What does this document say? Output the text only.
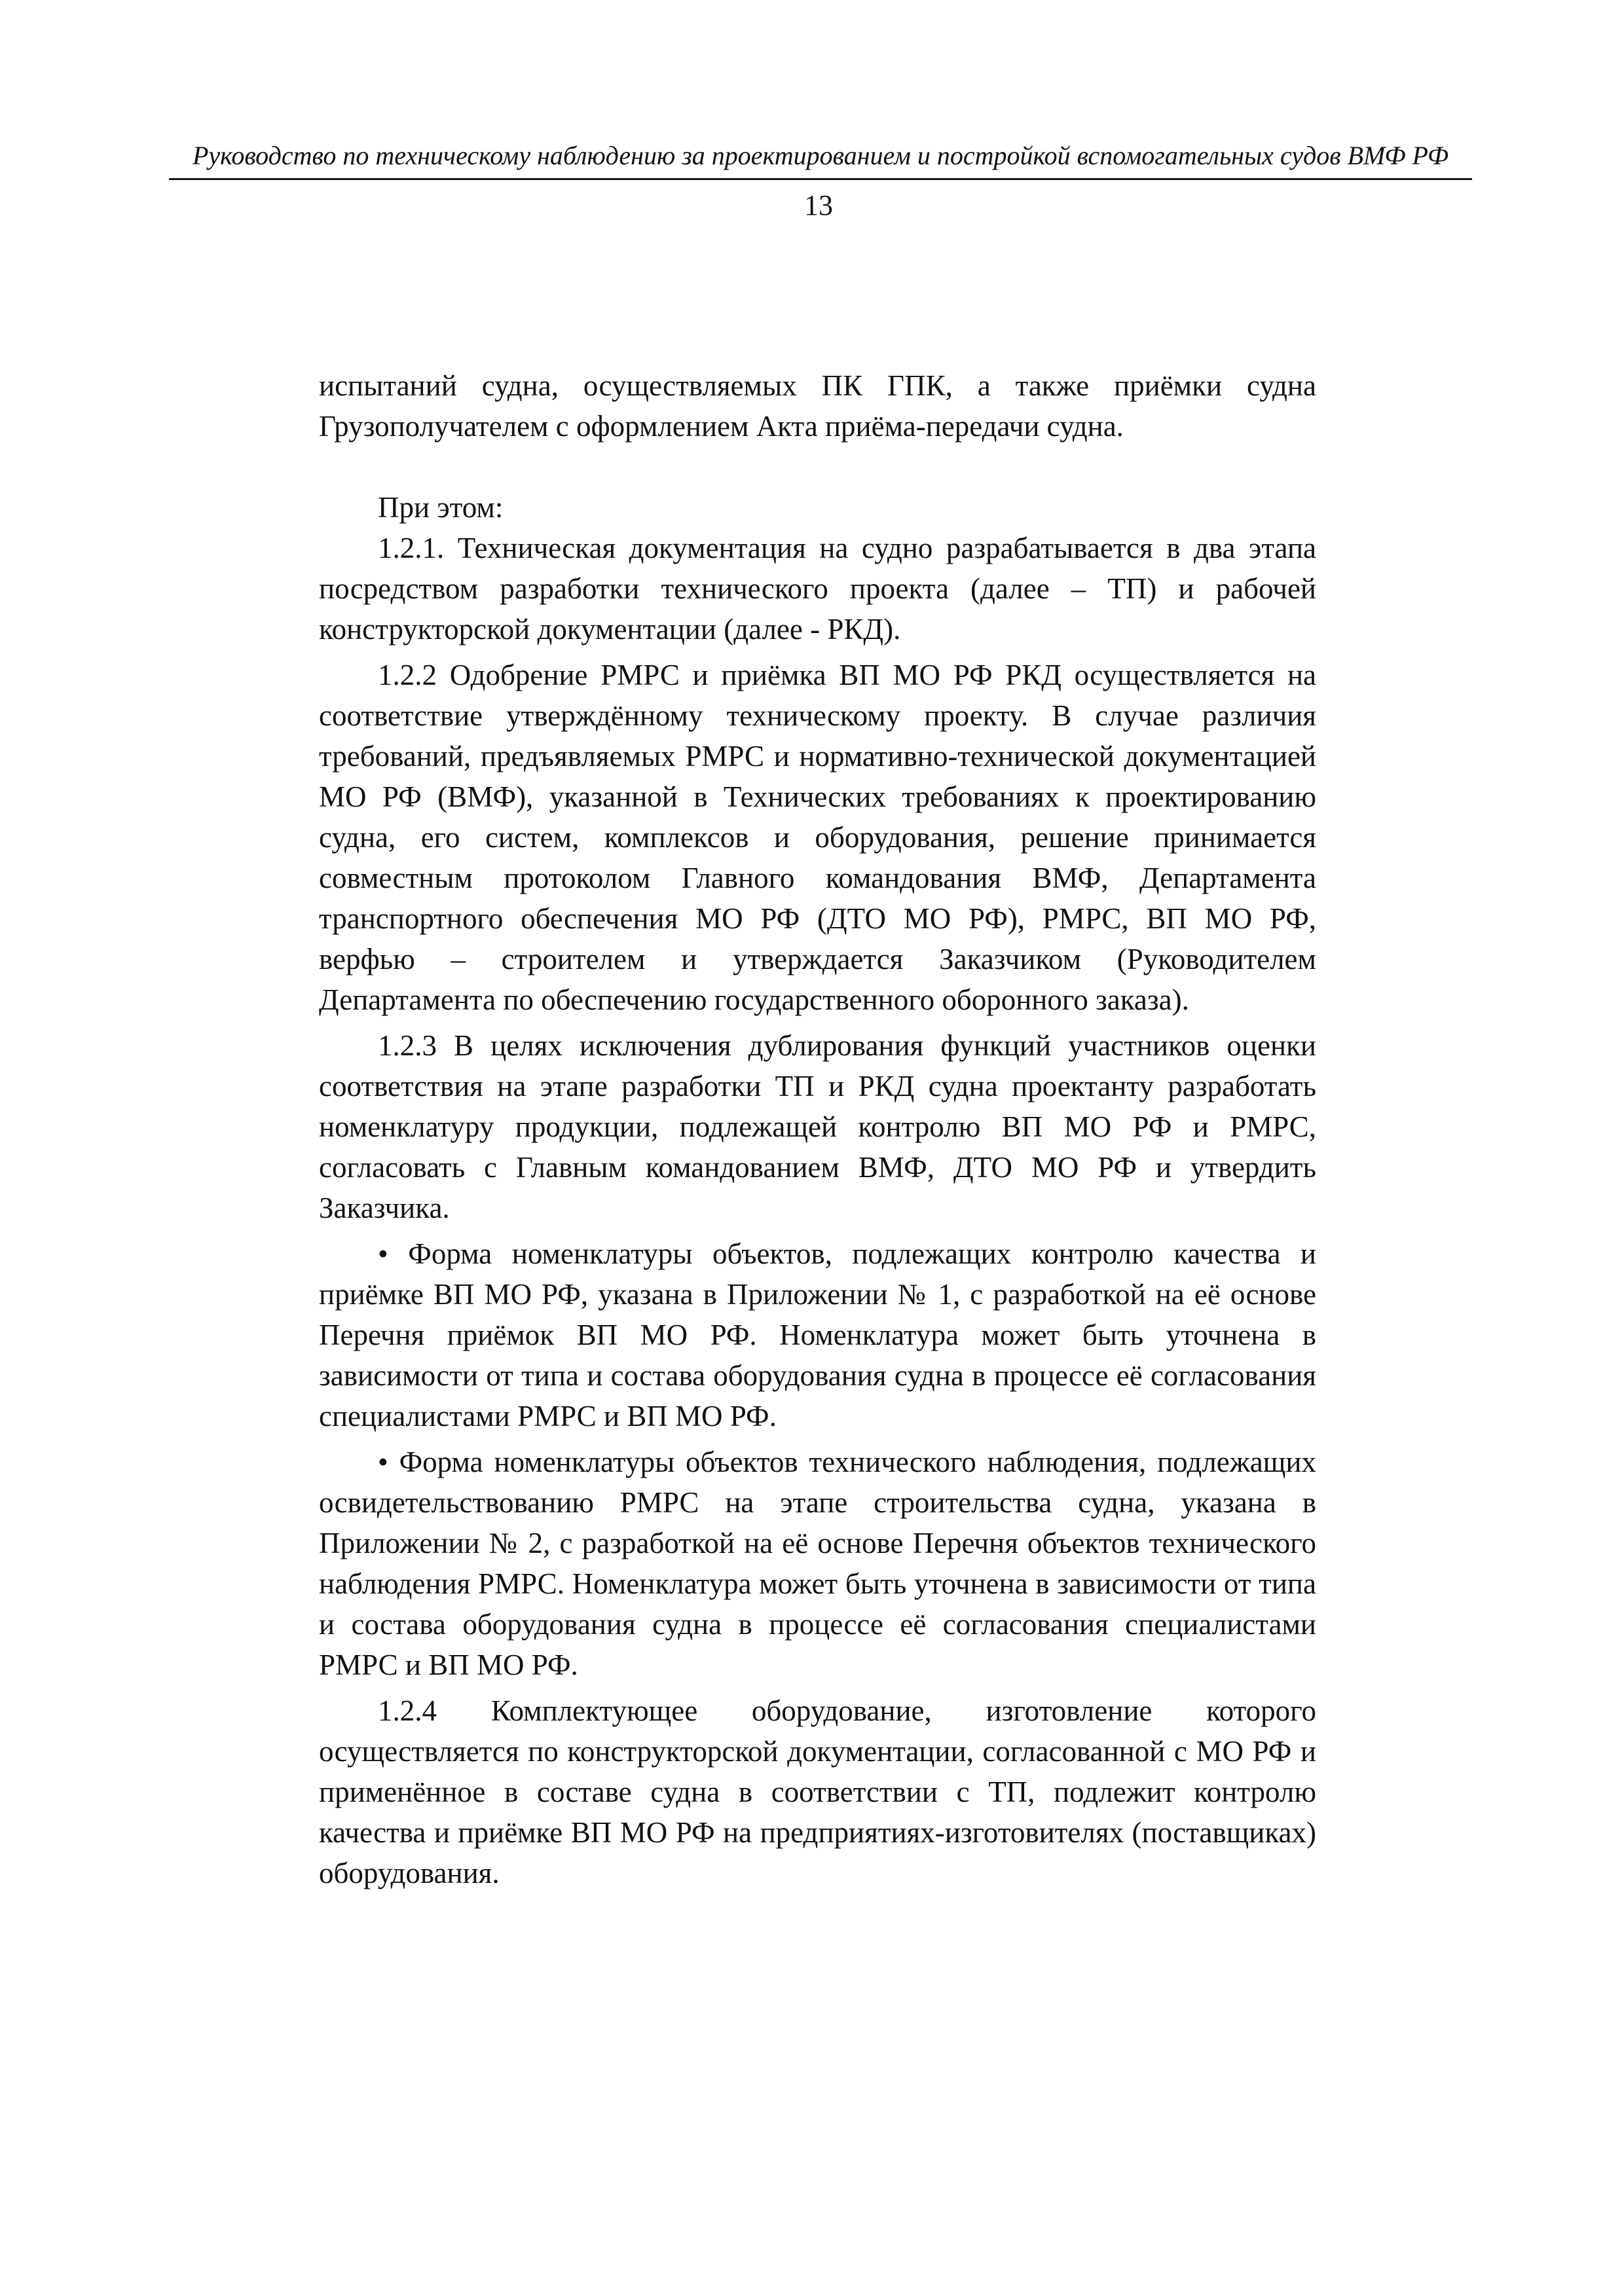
Руководство по техническому наблюдению за проектированием и постройкой вспомогательных судов ВМФ РФ
13

испытаний судна, осуществляемых ПК ГПК, а также приёмки судна Грузополучателем с оформлением Акта приёма-передачи судна.

При этом:

1.2.1. Техническая документация на судно разрабатывается в два этапа посредством разработки технического проекта (далее – ТП) и рабочей конструкторской документации (далее - РКД).

1.2.2 Одобрение РМРС и приёмка ВП МО РФ РКД осуществляется на соответствие утверждённому техническому проекту. В случае различия требований, предъявляемых РМРС и нормативно-технической документацией МО РФ (ВМФ), указанной в Технических требованиях к проектированию судна, его систем, комплексов и оборудования, решение принимается совместным протоколом Главного командования ВМФ, Департамента транспортного обеспечения МО РФ (ДТО МО РФ), РМРС, ВП МО РФ, верфью – строителем и утверждается Заказчиком (Руководителем Департамента по обеспечению государственного оборонного заказа).

1.2.3 В целях исключения дублирования функций участников оценки соответствия на этапе разработки ТП и РКД судна проектанту разработать номенклатуру продукции, подлежащей контролю ВП МО РФ и РМРС, согласовать с Главным командованием ВМФ, ДТО МО РФ и утвердить Заказчика.

• Форма номенклатуры объектов, подлежащих контролю качества и приёмке ВП МО РФ, указана в Приложении № 1, с разработкой на её основе Перечня приёмок ВП МО РФ. Номенклатура может быть уточнена в зависимости от типа и состава оборудования судна в процессе её согласования специалистами РМРС и ВП МО РФ.

• Форма номенклатуры объектов технического наблюдения, подлежащих освидетельствованию РМРС на этапе строительства судна, указана в Приложении № 2, с разработкой на её основе Перечня объектов технического наблюдения РМРС. Номенклатура может быть уточнена в зависимости от типа и состава оборудования судна в процессе её согласования специалистами РМРС и ВП МО РФ.

1.2.4 Комплектующее оборудование, изготовление которого осуществляется по конструкторской документации, согласованной с МО РФ и применённое в составе судна в соответствии с ТП, подлежит контролю качества и приёмке ВП МО РФ на предприятиях-изготовителях (поставщиках) оборудования.
